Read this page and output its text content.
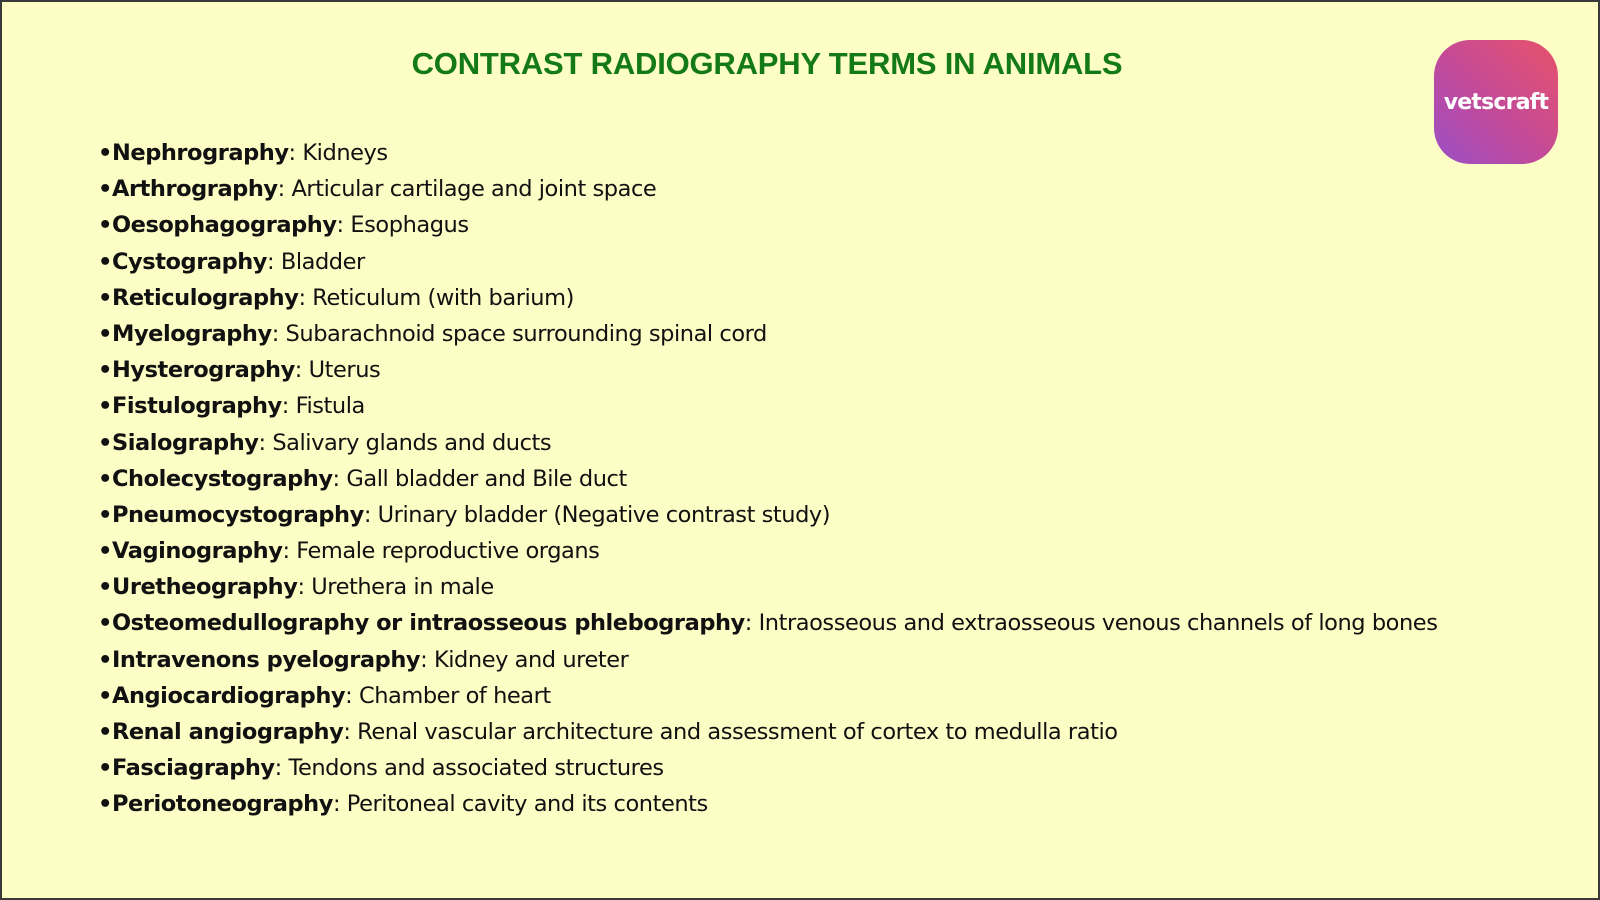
CONTRAST RADIOGRAPHY TERMS IN ANIMALS
vetscraft
•Nephrography: Kidneys
•Arthrography: Articular cartilage and joint space
•Oesophagography: Esophagus
•Cystography: Bladder
•Reticulography: Reticulum (with barium)
•Myelography: Subarachnoid space surrounding spinal cord
•Hysterography: Uterus
•Fistulography: Fistula
•Sialography: Salivary glands and ducts
•Cholecystography: Gall bladder and Bile duct
•Pneumocystography: Urinary bladder (Negative contrast study)
•Vaginography: Female reproductive organs
•Uretheography: Urethera in male
•Osteomedullography or intraosseous phlebography: Intraosseous and extraosseous venous channels of long bones
•Intravenons pyelography: Kidney and ureter
•Angiocardiography: Chamber of heart
•Renal angiography: Renal vascular architecture and assessment of cortex to medulla ratio
•Fasciagraphy: Tendons and associated structures
•Periotoneography: Peritoneal cavity and its contents
